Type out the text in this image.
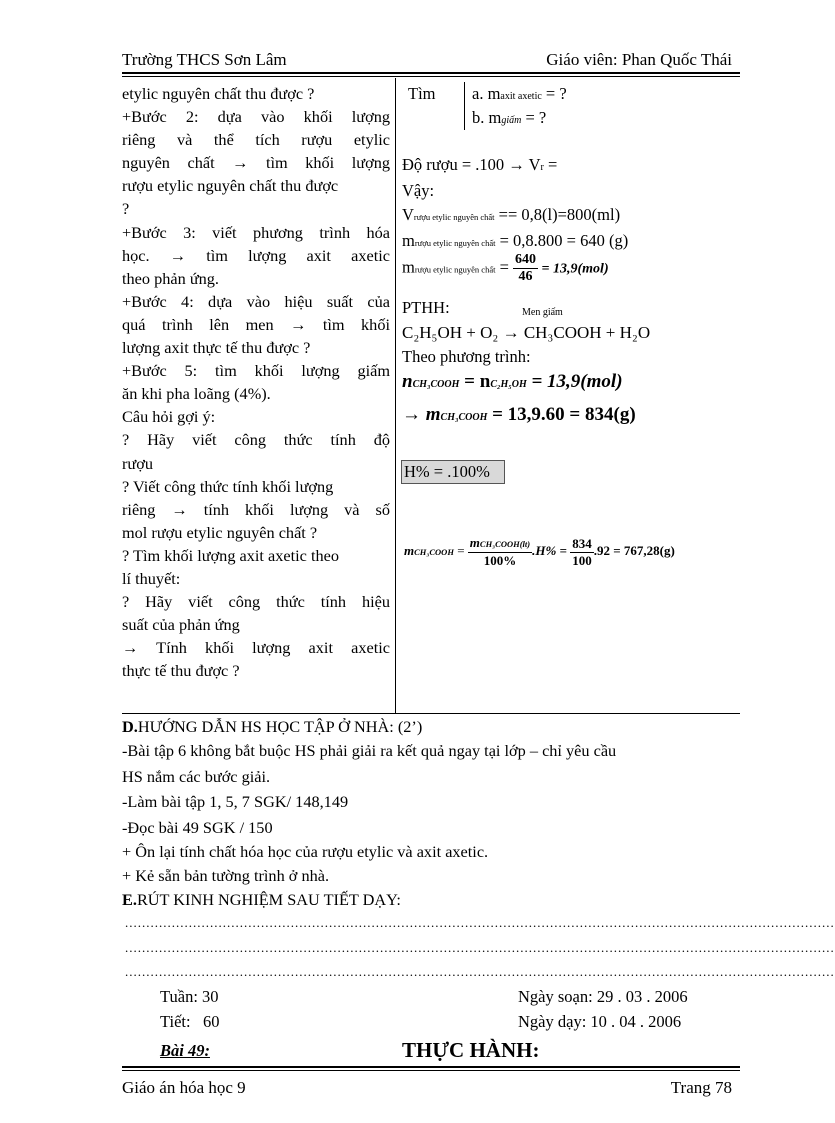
Trường THCS Sơn Lâm	Giáo viên: Phan Quốc Thái
etylic nguyên chất thu được ?
+Bước 2: dựa vào khối lượng
riêng và thể tích rượu etylic
nguyên chất → tìm khối lượng
rượu etylic nguyên chất thu được
?
+Bước 3: viết phương trình hóa
học. → tìm lượng axit axetic
theo phản ứng.
+Bước 4: dựa vào hiệu suất của
quá trình lên men → tìm khối
lượng axit thực tế thu được ?
+Bước 5: tìm khối lượng giấm
ăn khi pha loãng (4%).
Câu hỏi gợi ý:
? Hãy viết công thức tính độ
rượu
? Viết công thức tính khối lượng
riêng → tính khối lượng và số
mol rượu etylic nguyên chất ?
? Tìm khối lượng axit axetic theo
lí thuyết:
? Hãy viết công thức tính hiệu
suất của phản ứng
→ Tính khối lượng axit axetic
thực tế thu được ?
Tìm a. maxit axetic = ?
b. mgiấm = ?
Độ rượu = .100 → Vr =
Vậy:
Vrượu etylic nguyên chất == 0,8(l)=800(ml)
mrượu etylic nguyên chất = 0,8.800 = 640 (g)
mrượu etylic nguyên chất = $\frac{640}{46} = 13,9(mol)$
PTHH:	Men giấm
C₂H₅OH + O₂ → CH₃COOH + H₂O
Theo phương trình:
nCH₃COOH = nC₂H₅OH = 13,9(mol)
→ mCH₃COOH = 13,9.60 = 834(g)
H% = .100%
mCH₃COOH = $\frac{\text{mCH₃COOH(lt)}}{100\%} .H\% = \frac{834}{100} .92 = 767,28(g)$
D.HƯỚNG DẪN HS HỌC TẬP Ở NHÀ: (2’)
-Bài tập 6 không bắt buộc HS phải giải ra kết quả ngay tại lớp – chỉ yêu cầu
HS nắm các bước giải.
-Làm bài tập 1, 5, 7 SGK/ 148,149
-Đọc bài 49 SGK / 150
+ Ôn lại tính chất hóa học của rượu etylic và axit axetic.
+ Kẻ sẵn bản tường trình ở nhà.
E.RÚT KINH NGHIỆM SAU TIẾT DẠY:
.......................................................................................................................................................................
.......................................................................................................................................................................
.......................................................................................................................................................................
Tuần: 30
Tiết:   60
Ngày soạn: 29 . 03 . 2006
Ngày dạy: 10 . 04 . 2006
Bài 49:	THỰC HÀNH:
Giáo án hóa học 9	Trang 78
